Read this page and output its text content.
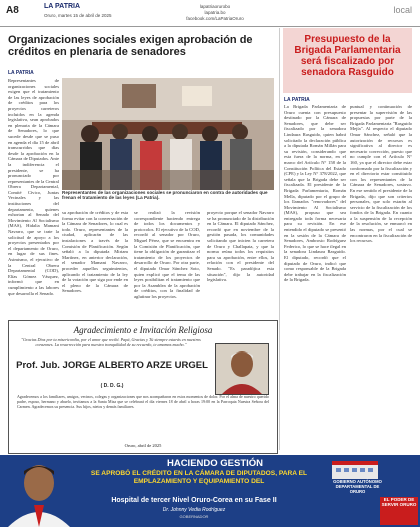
A8	LA PATRIA
Oruro, martes 15 de abril de 2025
lapatriaorurobo
lapatria.bo
facebook.com/LaPatriaOruro
local
Organizaciones sociales exigen aprobación de créditos en plenaria de senadores
LA PATRIA
Representantes de organizaciones sociales exigen que el tratamiento de las leyes de aprobación de créditos para los proyectos carreteros incluidos en la agenda legislativa, sean aprobados en plenaria de la Cámara de Senadores, lo que sucede desde que se puso en agenda el día 15 de abril transcurridos que días desde la aprobación en la Cámara de Diputados. Ante la indiferencia el presidente, se ha pronunciado por representantes de la Central Obrera Departamental, Comité Cívico, Juntas Vecinales y las instituciones del departamento, quienes exhortan al Senado del Movimiento Al Socialismo (MAS), Hidalia Mamani Navarro, que se trate la solicitud de apoyo a los proyectos presentados por el departamento de Oruro, en lugar de sus fines. Asimismo, el ejecutivo de la Central Obrera Departamental (COD), Elías Gómez Vásquez, informó que en cumplimiento a las labores que desarrolla el Senado.
Representantes de las organizaciones sociales se pronunciaron en contra de autoridades que frenan el tratamiento de las leyes (La Patria).
su aprobación de créditos y de esta forma evitar con la conversación de la Cámara de Senadores, lo cual es todo. Oruro, representantes de la ciudad, aplicarán de las instalaciones a través de la Comisión de Planificación. Según señaló a la diputada Miriam Martínez, en anterior declaración, el senador Mamani Navarro, proceder aquellos seguimientos, aplicando el tratamiento de la ley de la votación que siga por ende en el pleno de la Cámara de Senadores.
se realizó la revisión correspondiente haciendo entrega de todos los documentos y protocolos. El ejecutivo de la COD, recordó al senador por Oruro, Miguel Pérez, que se encuentra en la Comisión de Planificación, que tiene la obligación de garantizar el tratamiento de los proyectos de desarrollo de Oruro. Por otra parte, el diputado Omar Sánchez Soto, quien explicó que el tema de las leyes posibilitan el tratamiento que por la Asamblea de la aprobación de créditos, con la finalidad de aglutinar los proyectos.
proyecto porque el senador Navarro se ha pronunciado de la distribución en la Cámara. El diputado Sánchez, recordó que en noviembre de la gestión pasada, los comunidades solicitando que inicien la carretera de Oruro y Challapata, y que la norma reúna todos los requisitos para su aprobación, entre ellos, la relación con el presidente del Senado. "Es paradójica esta situación", dijo la autoridad legislativa.
Presupuesto de la Brigada Parlamentaria será fiscalizado por senadora Rasguido
LA PATRIA
La Brigada Parlamentaria de Oruro cuenta con presupuesto destinado por la Cámara de Senadores, que debe ser fiscalizado por la senadora Lindaura Rasguido, quien habrá solicitado la declaración pública a la diputada Román Millán para su revisión, considerando que esta fuera de la norma, en el marco del Artículo N° 158 de la Constitución Política del Estado (CPE) y la Ley N° 378/2022, que señala que la Brigada debe ser fiscalizada. El presidente de la Brigada Parlamentaria, Román Mella, diputado por el grupo de los llamados "renovadores" del Movimiento Al Socialismo (MAS), propuso que sea entregado toda forma necesaria para su revisión. En ese entendido el diputado se presentó en la sesión de la Cámara de Senadores, Ambrosio Rodríguez Federico, lo que se hace ilegal en la senadora Lindaura Rasguido. El diputado, recordó que el diputado de Oruro, indicó que como responsable de la Brigada debe trabajar en la fiscalización de la Brigada.
puntual y continuación de presentar la supervisión de las propuestas por parte de la Brigada Parlamentaria "Rasguido Mejía". Al respecto el diputado Omar Sánchez, señaló que la autorización de recursos es significativa al director es necesario corrección, puesto que no cumple con el Artículo N° 160, ya que el director debe estar conformado por la fiscalización y en el directorio estar constituido con los representantes de la Cámara de Senadores, sostuvo. En ese sentido el presidente de la Brigada, dijo que son criterios personales, que solo estarán al servicio de la fiscalización de los fondos de la Brigada. En cuanto a la suspensión de la recepción de la resolución, se enmarcó en las normas, por el cual se encontraron en la fiscalización de los recursos.
Agradecimiento e Invitación Religiosa
"Gracias Dios por tu misericordia, por el amor que recibí. Papá, Gracias y Tú siempre estarás en nuestros corazones. La resurrección para nuestra tranquilidad de su recuerdo, te amamos mucho."
Prof. Jub. JORGE ALBERTO ARZE URGEL
( D. D. G.)
Agradecemos a los familiares, amigos, vecinos, colegas y organizaciones que nos acompañaron en estos momentos de dolor. Por el alma de nuestro querido padre, esposo, hermano y abuelo, invitamos a la Santa Misa que se celebrará el día viernes 18 de abril a horas 19:00 en la Parroquia Nuestra Señora del Carmen. Agradecemos su presencia. Sus hijos, nietos y demás familiares.
Oruro, abril de 2025
HACIENDO GESTIÓN
SE APROBÓ EL CRÉDITO EN LA CÁMARA DE DIPUTADOS, PARA EL EMPLAZAMIENTO Y EQUIPAMIENTO DEL
Hospital de tercer Nivel Oruro-Corea en su Fase II
Dr. Johnny Vedia Rodríguez
GOBERNADOR
GOBIERNO AUTÓNOMO DEPARTAMENTAL DE ORURO
EL PODER DE SERVIR ORURO
